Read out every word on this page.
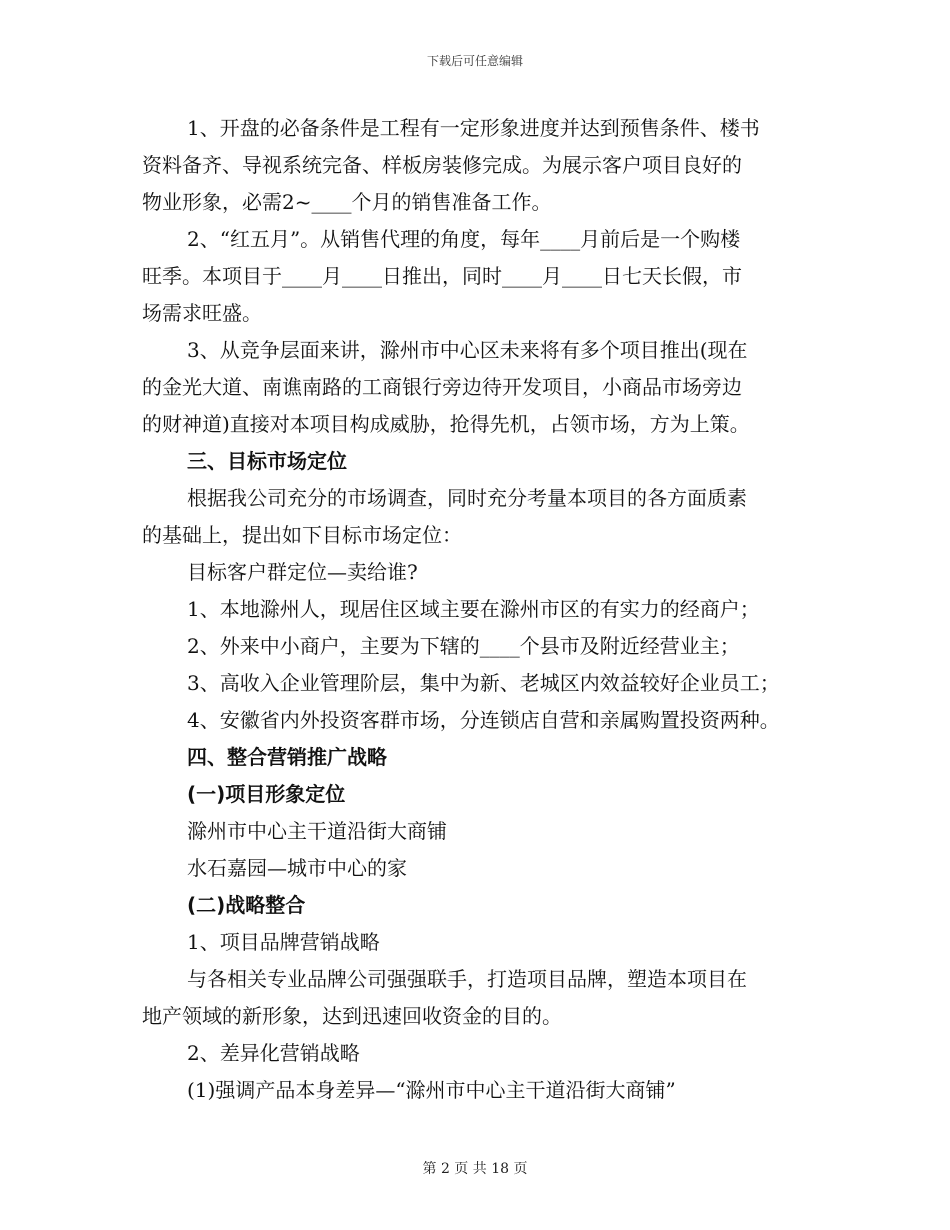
下载后可任意编辑

1、开盘的必备条件是工程有一定形象进度并达到预售条件、楼书

资料备齐、导视系统完备、样板房装修完成。为展示客户项目良好的

物业形象，必需2~____个月的销售准备工作。

2、“红五月”。从销售代理的角度，每年____月前后是一个购楼

旺季。本项目于____月____日推出，同时____月____日七天长假，市

场需求旺盛。

3、从竞争层面来讲，滁州市中心区未来将有多个项目推出(现在

的金光大道、南谯南路的工商银行旁边待开发项目，小商品市场旁边

的财神道)直接对本项目构成威胁，抢得先机，占领市场，方为上策。

三、目标市场定位

根据我公司充分的市场调查，同时充分考量本项目的各方面质素

的基础上，提出如下目标市场定位：

目标客户群定位—卖给谁?

1、本地滁州人，现居住区域主要在滁州市区的有实力的经商户；

2、外来中小商户，主要为下辖的____个县市及附近经营业主；

3、高收入企业管理阶层，集中为新、老城区内效益较好企业员工；

4、安徽省内外投资客群市场，分连锁店自营和亲属购置投资两种。

四、整合营销推广战略

(一)项目形象定位

滁州市中心主干道沿街大商铺

水石嘉园—城市中心的家

(二)战略整合

1、项目品牌营销战略

与各相关专业品牌公司强强联手，打造项目品牌，塑造本项目在

地产领域的新形象，达到迅速回收资金的目的。

2、差异化营销战略

(1)强调产品本身差异—“滁州市中心主干道沿街大商铺”

第 2 页 共 18 页
